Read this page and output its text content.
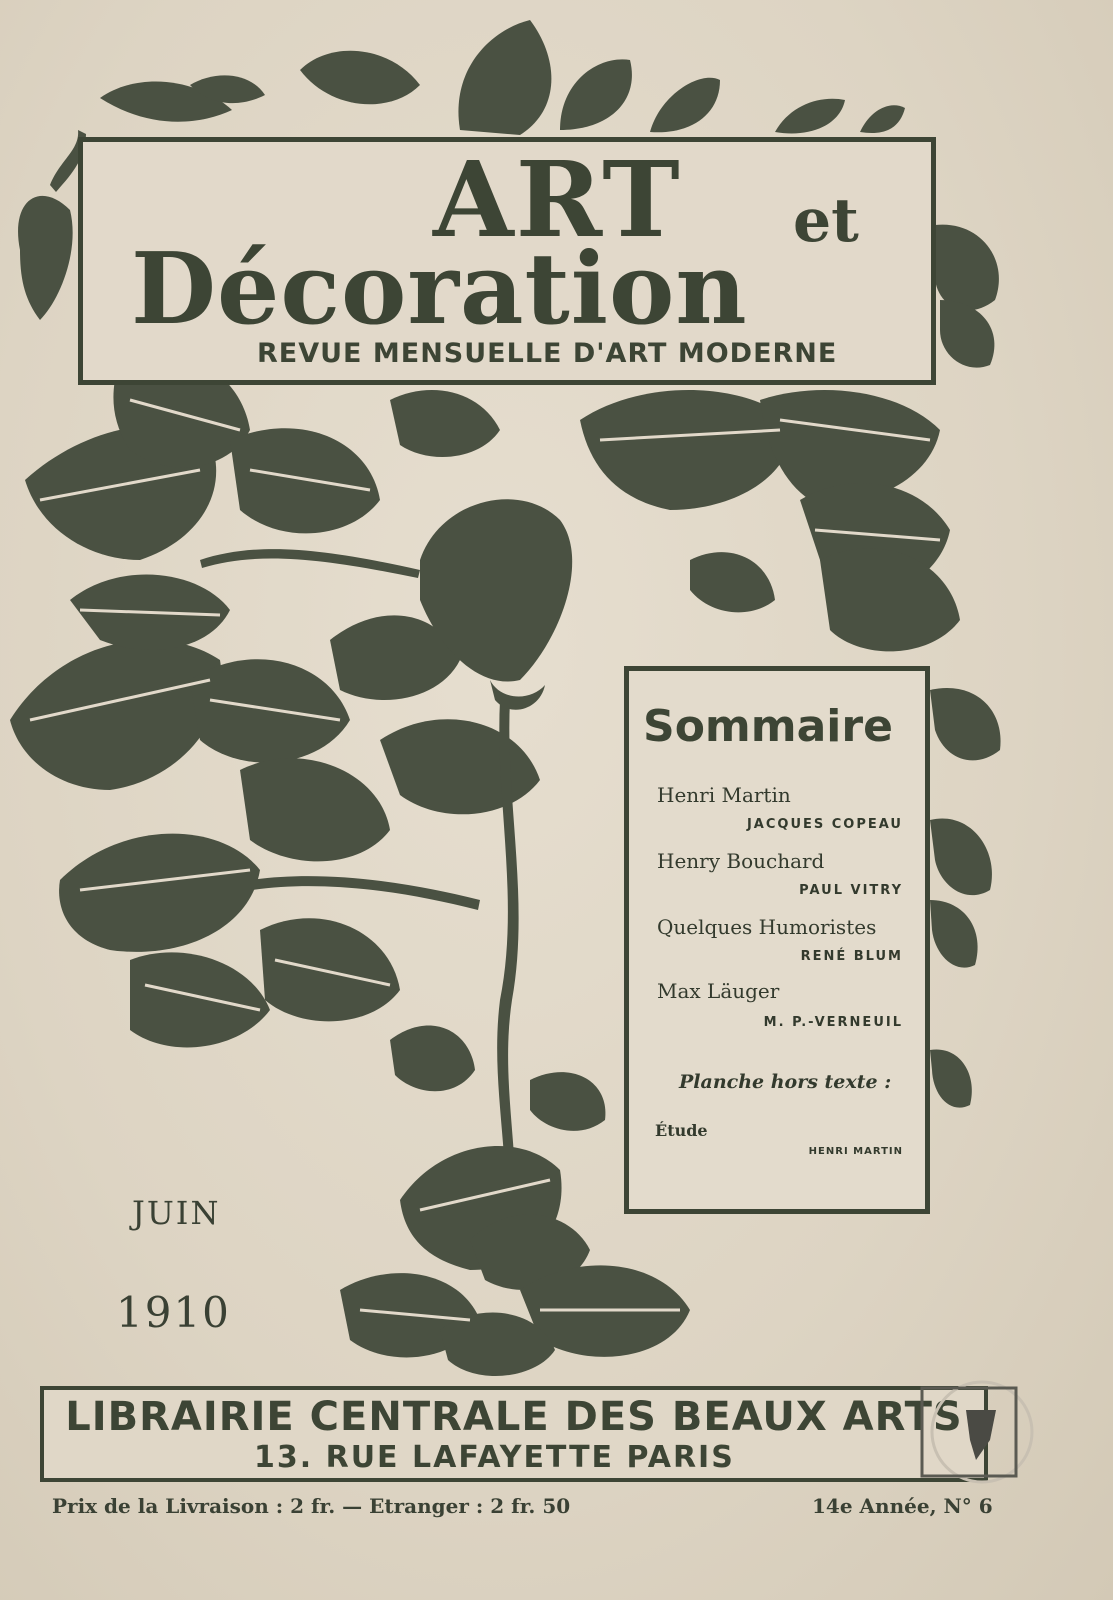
ART et
Décoration
REVUE MENSUELLE D'ART MODERNE
Sommaire
Henri Martin
JACQUES COPEAU
Henry Bouchard
PAUL VITRY
Quelques Humoristes
RENÉ BLUM
Max Läuger
M. P.-VERNEUIL
Planche hors texte :
Étude
HENRI MARTIN
JUIN
1910
LIBRAIRIE CENTRALE DES BEAUX ARTS
13. RUE LAFAYETTE PARIS
Prix de la Livraison : 2 fr. — Etranger : 2 fr. 50	14e Année, N° 6
